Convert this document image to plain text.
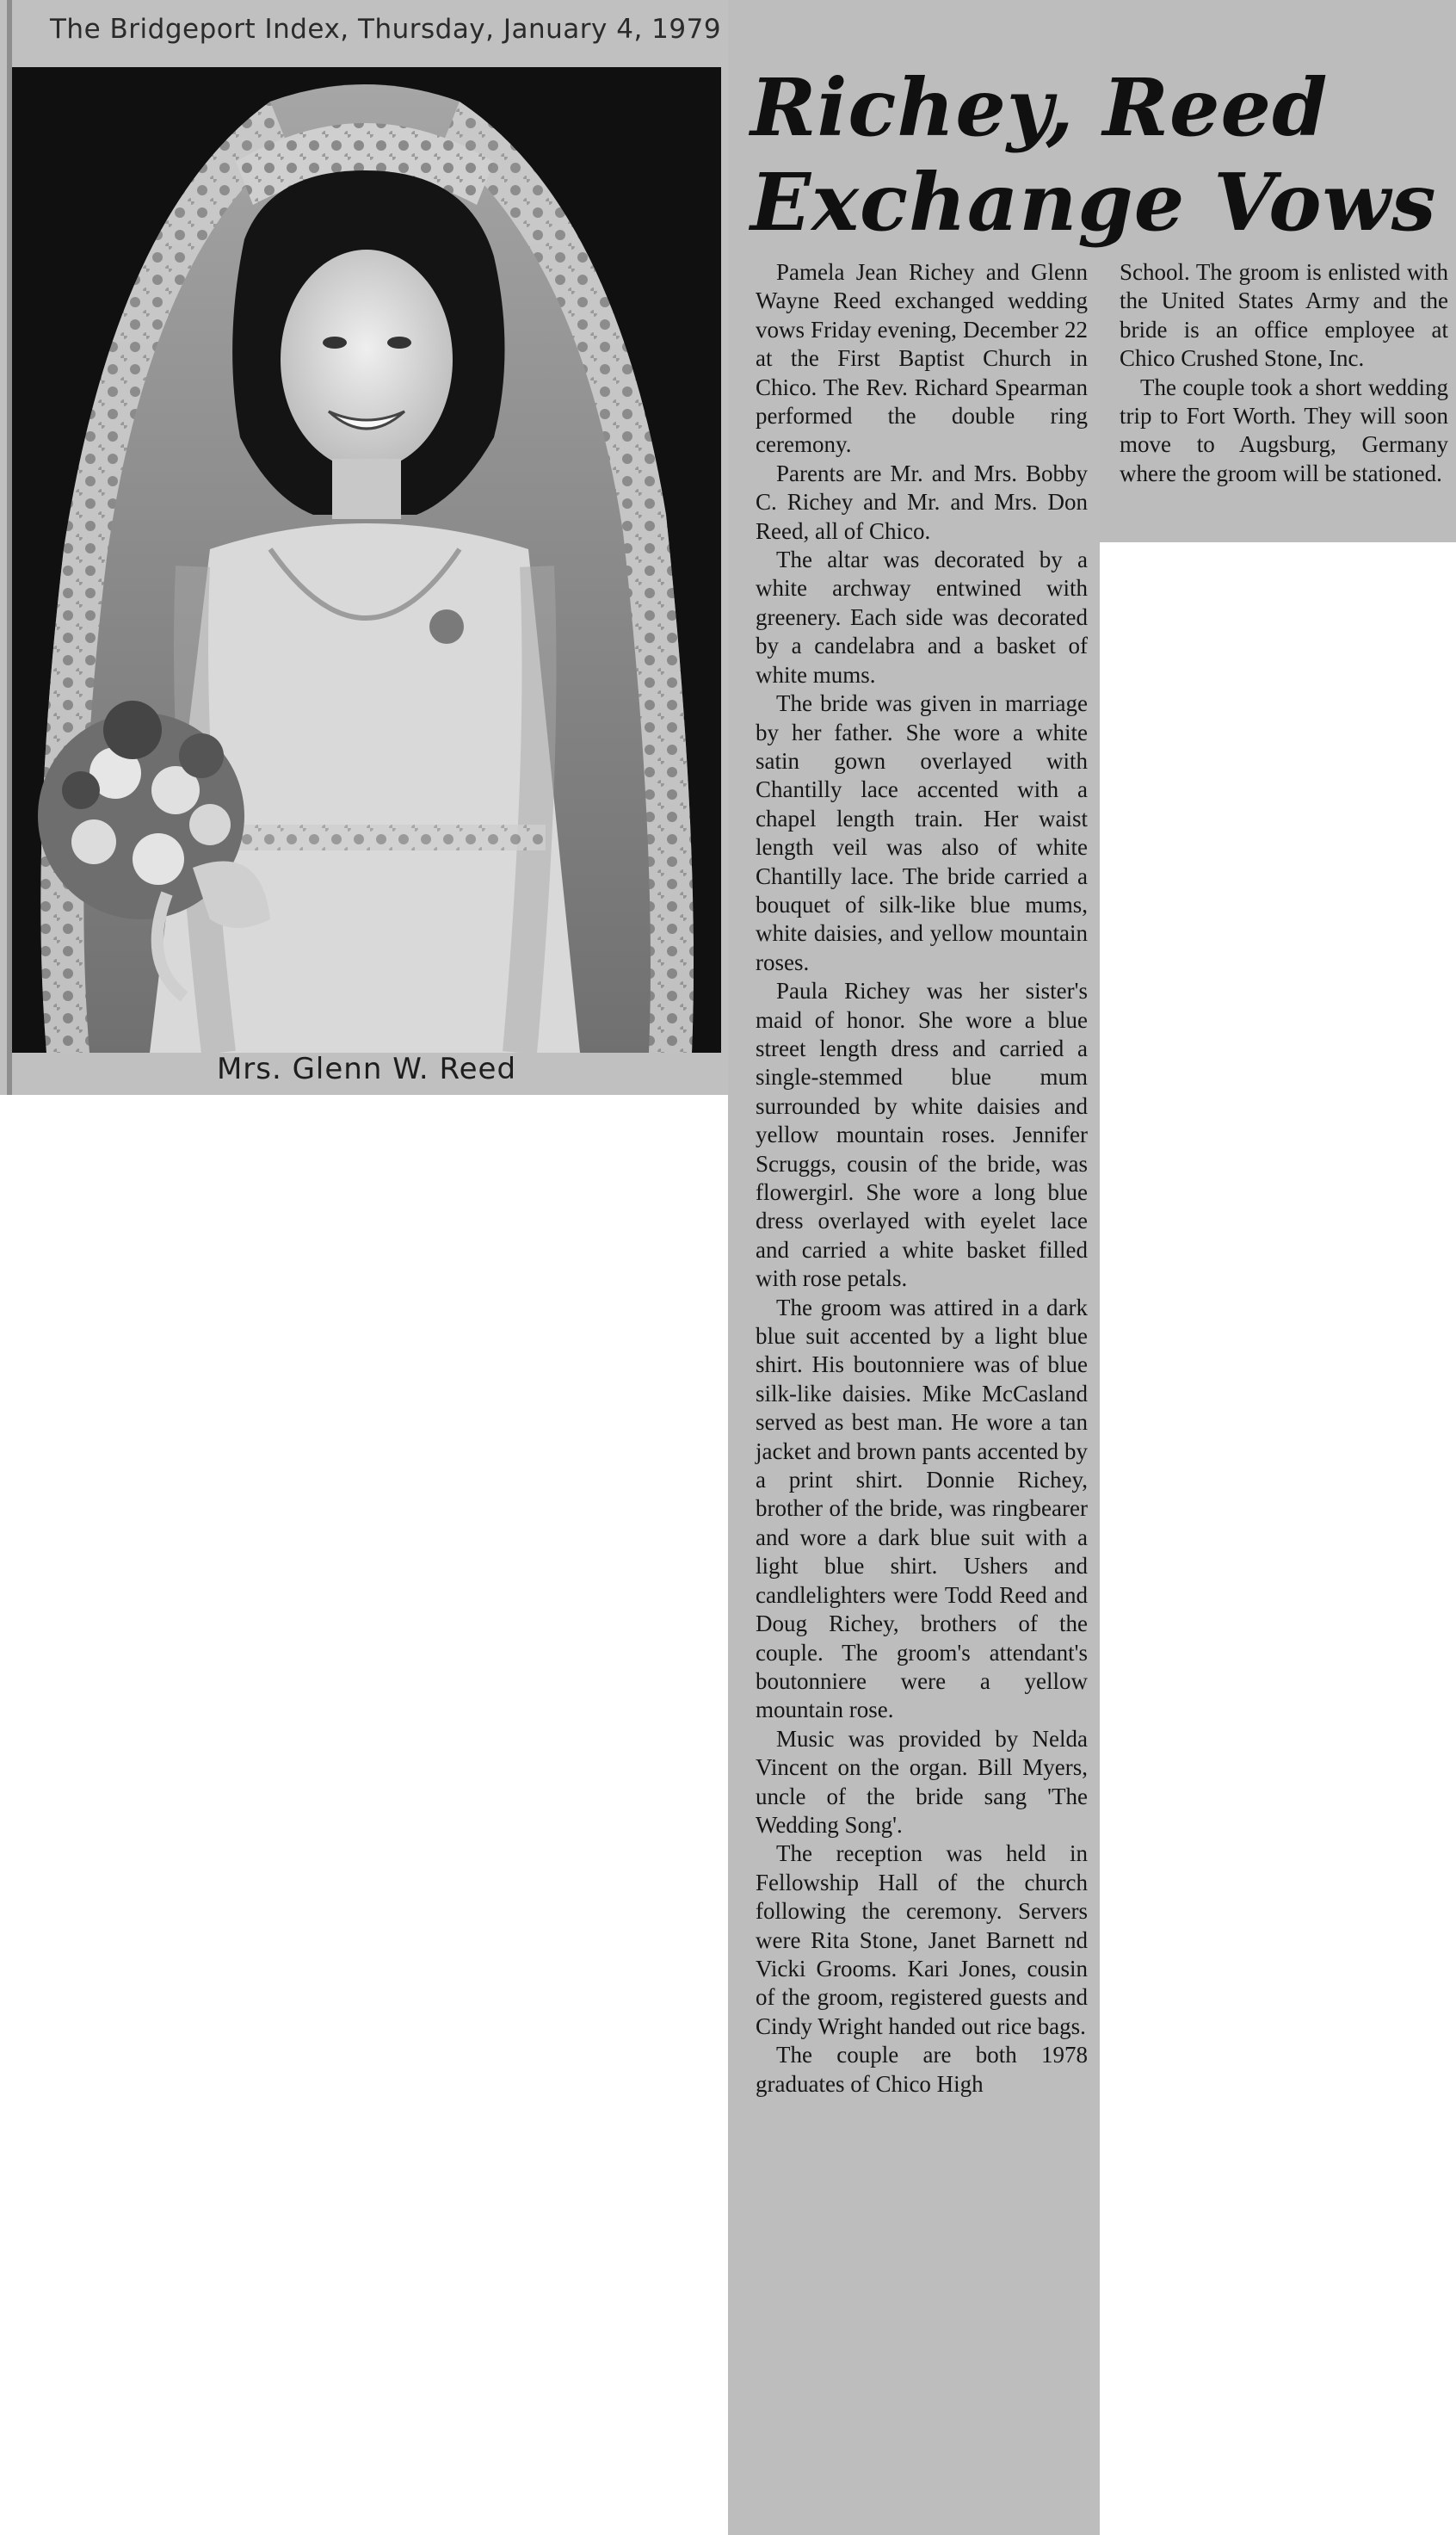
The Bridgeport Index, Thursday, January 4, 1979
Mrs. Glenn W. Reed
Richey, Reed
Exchange Vows

Pamela Jean Richey and Glenn Wayne Reed exchanged wedding vows Friday evening, December 22 at the First Baptist Church in Chico. The Rev. Richard Spearman performed the double ring ceremony.

Parents are Mr. and Mrs. Bobby C. Richey and Mr. and Mrs. Don Reed, all of Chico.

The altar was decorated by a white archway entwined with greenery. Each side was decorated by a candelabra and a basket of white mums.

The bride was given in marriage by her father. She wore a white satin gown overlayed with Chantilly lace accented with a chapel length train. Her waist length veil was also of white Chantilly lace. The bride carried a bouquet of silk-like blue mums, white daisies, and yellow mountain roses.

Paula Richey was her sister's maid of honor. She wore a blue street length dress and carried a single-stemmed blue mum surrounded by white daisies and yellow mountain roses. Jennifer Scruggs, cousin of the bride, was flowergirl. She wore a long blue dress overlayed with eyelet lace and carried a white basket filled with rose petals.

The groom was attired in a dark blue suit accented by a light blue shirt. His boutonniere was of blue silk-like daisies. Mike McCasland served as best man. He wore a tan jacket and brown pants accented by a print shirt. Donnie Richey, brother of the bride, was ringbearer and wore a dark blue suit with a light blue shirt. Ushers and candlelighters were Todd Reed and Doug Richey, brothers of the couple. The groom's attendant's boutonniere were a yellow mountain rose.

Music was provided by Nelda Vincent on the organ. Bill Myers, uncle of the bride sang 'The Wedding Song'.

The reception was held in Fellowship Hall of the church following the ceremony. Servers were Rita Stone, Janet Barnett nd Vicki Grooms. Kari Jones, cousin of the groom, registered guests and Cindy Wright handed out rice bags.

The couple are both 1978 graduates of Chico High

School. The groom is enlisted with the United States Army and the bride is an office employee at Chico Crushed Stone, Inc.

The couple took a short wedding trip to Fort Worth. They will soon move to Augsburg, Germany where the groom will be stationed.
